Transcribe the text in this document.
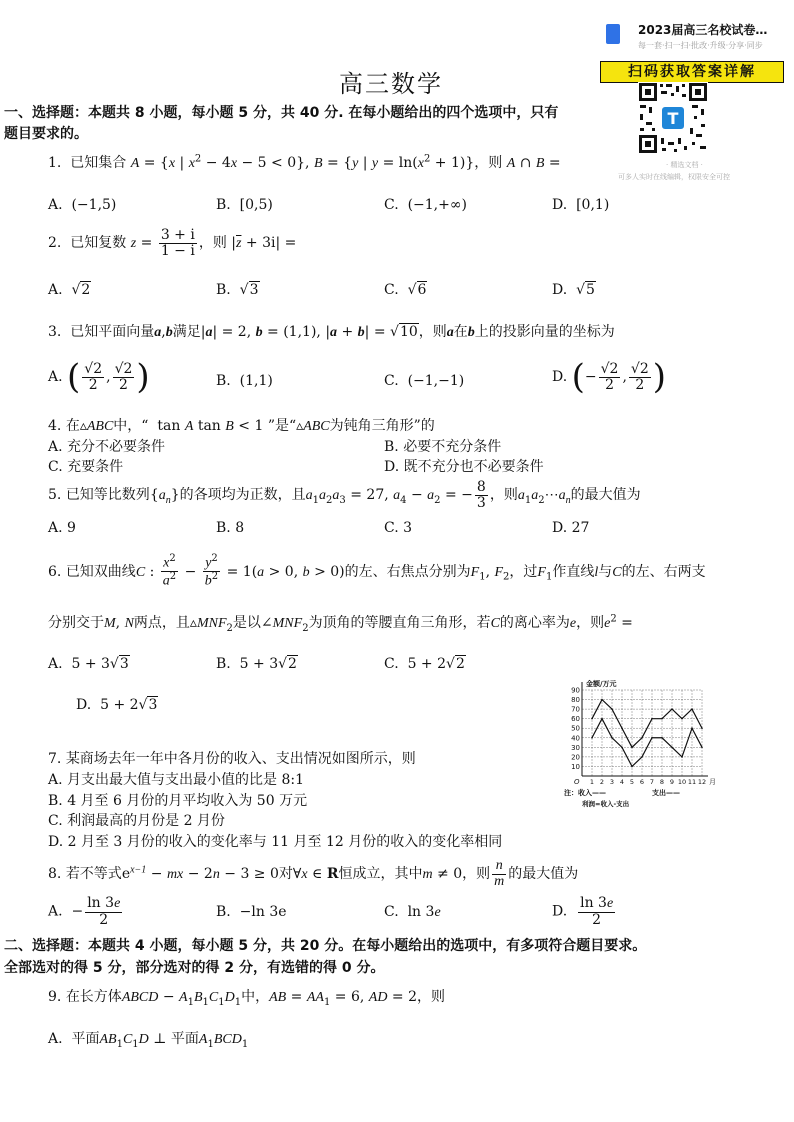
2023届高三名校试卷…
每一套·扫一扫·批改·升级·分享·同步
扫码获取答案详解
T
· 精选文档 ·
可多人实时在线编辑，权限安全可控
高三数学
一、选择题：本题共 8 小题，每小题 5 分，共 40 分. 在每小题给出的四个选项中，只有
题目要求的。
1. 已知集合 A = {x | $x^2 - 4x - 5 < 0$}, B = {y | $y = \ln(x^2 + 1)$}，则 A ∩ B =
A. (−1,5)	B. [0,5)	C. (−1,+∞)	D. [0,1)
2. 已知复数 $z = \frac{3 + i}{1 - i}$ ，则 $|\overline{z} + 3i|$ =
A.  √2	B.  √3	C.  √6	D.  √5
3. 已知平面向量a,b满足|a| = 2, b = (1,1), |a + b| = √10，则a在b上的投影向量的坐标为
A. ( $\frac{√2}{2}$ , $\frac{√2}{2}$ )	B. (1,1)	C. (−1,−1)	D. (− $\frac{√2}{2}$ , $\frac{√2}{2}$ )
4. 在▵ABC中，“  tan A tan B < 1 ”是“▵ABC为钝角三角形”的
A. 充分不必要条件	B. 必要不充分条件
C. 充要条件	D. 既不充分也不必要条件
5. 已知等比数列$\{a_n\}$的各项均为正数，且$a_1a_2a_3 = 27$, $a_4 - a_2$ = − $\frac{8}{3}$ ，则$a_1a_2\cdots a_n$的最大值为
A. 9	B. 8	C. 3	D. 27
6. 已知双曲线C : $\frac{x^2}{a^2} - \frac{y^2}{b^2} = 1(a > 0$, b > 0)的左、右焦点分别为$F_1$, $F_2$，过$F_1$作直线l与C的左、右两支
分别交于M, N两点，且$▵MNF_2$是以$\angle MNF_2$为顶角的等腰直角三角形，若C的离心率为e，则$e^2$ =
A.  5 + 3√3	B.  5 + 3√2	C.  5 + 2√2
D.  5 + 2√3
10
20
30
40
50
60
70
80
90
1 2 3 4 5 6 7 8 9 10 11 12
金额/万元
月
O
注：收入——	支出——
利润=收入-支出
7. 某商场去年一年中各月份的收入、支出情况如图所示，则
A. 月支出最大值与支出最小值的比是 8:1
B. 4 月至 6 月份的月平均收入为 50 万元
C. 利润最高的月份是 2 月份
D. 2 月至 3 月份的收入的变化率与 11 月至 12 月份的收入的变化率相同
8. 若不等式$e^{x-1}$ − mx − 2n − 3 ≥ 0对∀x ∈ R恒成立，其中m ≠ 0，则 $\frac{n}{m}$ 的最大值为
A.  − $\frac{\ln 3e}{2}$	B.  −ln 3e	C.  ln 3e	D. $\frac{\ln 3e}{2}$
二、选择题：本题共 4 小题，每小题 5 分，共 20 分。在每小题给出的选项中，有多项符合题目要求。
全部选对的得 5 分，部分选对的得 2 分，有选错的得 0 分。
9. 在长方体ABCD − $A_1B_1C_1D_1$中，AB = $AA_1 = 6$, AD = 2，则
A. 平面$AB_1C_1D$ ⊥ 平面$A_1BCD_1$
